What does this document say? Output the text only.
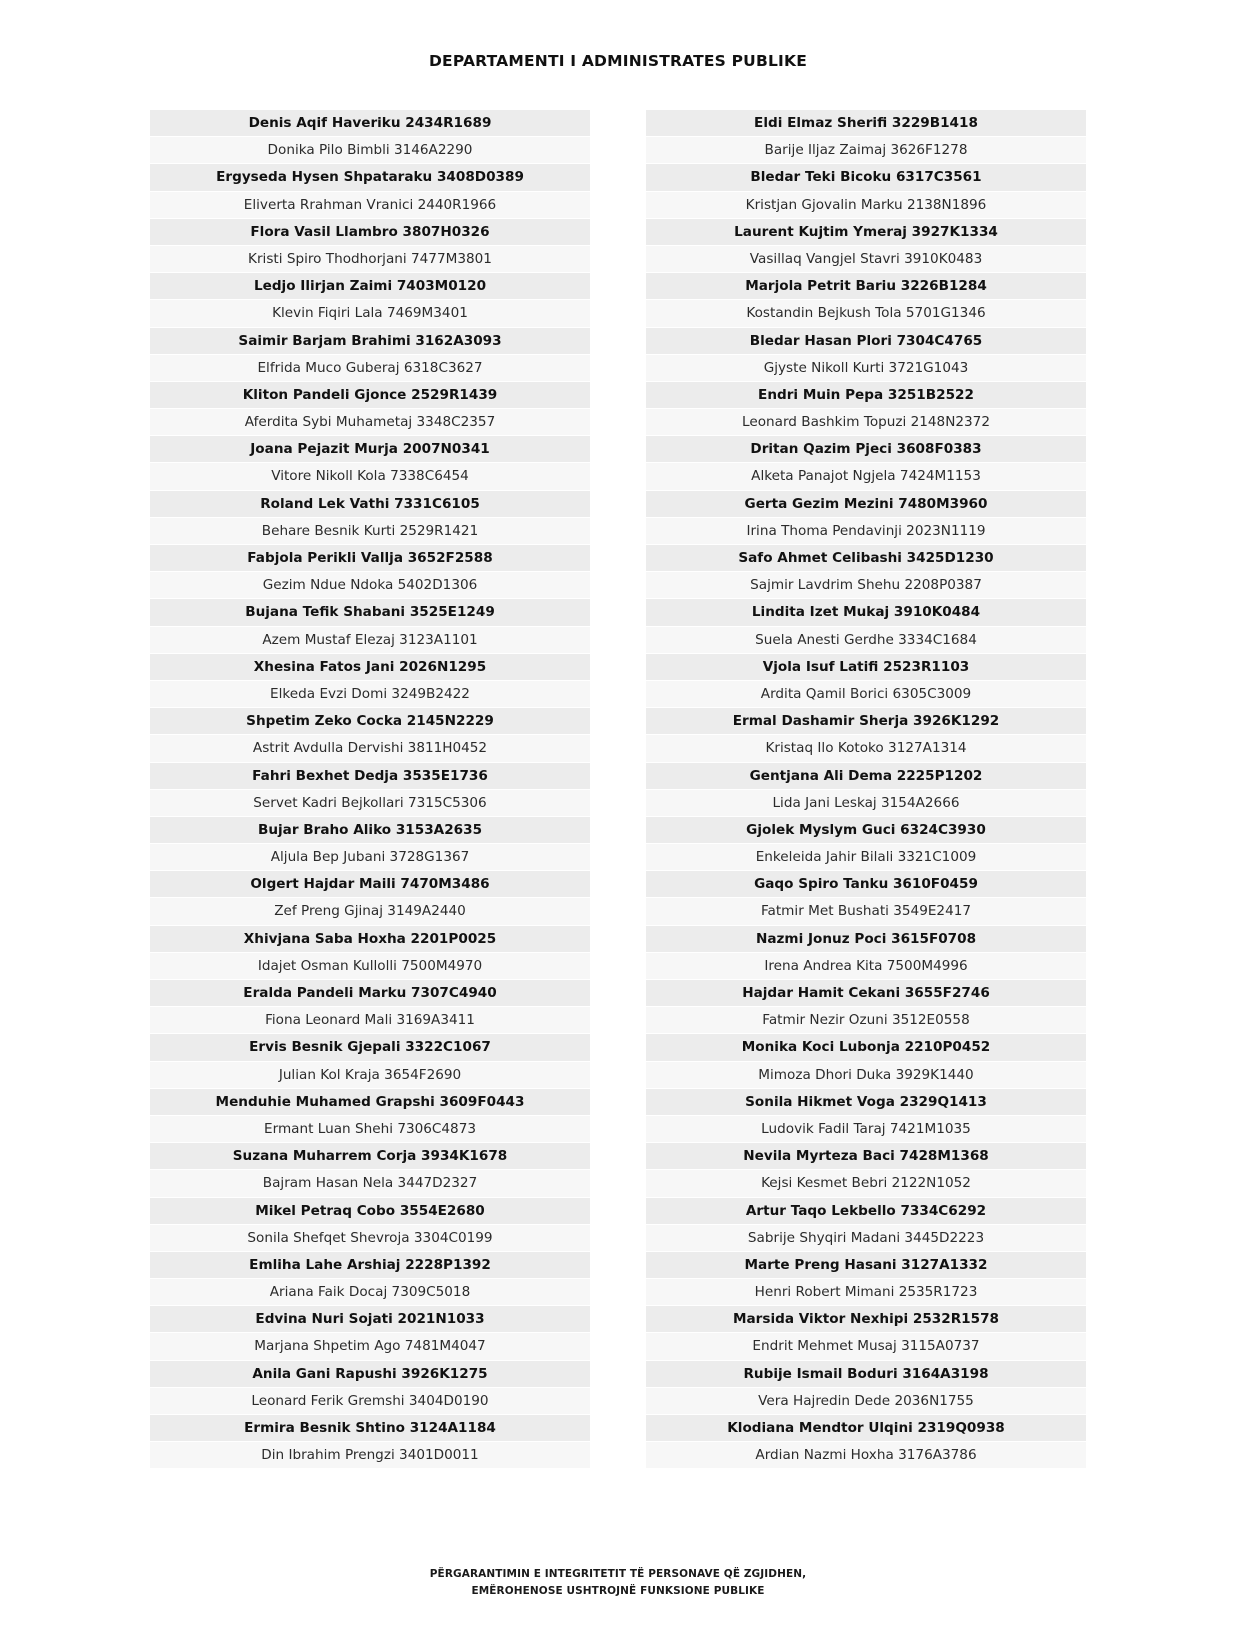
DEPARTAMENTI I ADMINISTRATES PUBLIKE
Denis Aqif Haveriku 2434R1689
Donika Pilo Bimbli 3146A2290
Ergyseda Hysen Shpataraku 3408D0389
Eliverta Rrahman Vranici 2440R1966
Flora Vasil Llambro 3807H0326
Kristi Spiro Thodhorjani 7477M3801
Ledjo Ilirjan Zaimi 7403M0120
Klevin Fiqiri Lala 7469M3401
Saimir Barjam Brahimi 3162A3093
Elfrida Muco Guberaj 6318C3627
Kliton Pandeli Gjonce 2529R1439
Aferdita Sybi Muhametaj 3348C2357
Joana Pejazit Murja 2007N0341
Vitore Nikoll Kola 7338C6454
Roland Lek Vathi 7331C6105
Behare Besnik Kurti 2529R1421
Fabjola Perikli Vallja 3652F2588
Gezim Ndue Ndoka 5402D1306
Bujana Tefik Shabani 3525E1249
Azem Mustaf Elezaj 3123A1101
Xhesina Fatos Jani 2026N1295
Elkeda Evzi Domi 3249B2422
Shpetim Zeko Cocka 2145N2229
Astrit Avdulla Dervishi 3811H0452
Fahri Bexhet Dedja 3535E1736
Servet Kadri Bejkollari 7315C5306
Bujar Braho Aliko 3153A2635
Aljula Bep Jubani 3728G1367
Olgert Hajdar Maili 7470M3486
Zef Preng Gjinaj 3149A2440
Xhivjana Saba Hoxha 2201P0025
Idajet Osman Kullolli 7500M4970
Eralda Pandeli Marku 7307C4940
Fiona Leonard Mali 3169A3411
Ervis Besnik Gjepali 3322C1067
Julian Kol Kraja 3654F2690
Menduhie Muhamed Grapshi 3609F0443
Ermant Luan Shehi 7306C4873
Suzana Muharrem Corja 3934K1678
Bajram Hasan Nela 3447D2327
Mikel Petraq Cobo 3554E2680
Sonila Shefqet Shevroja 3304C0199
Emliha Lahe Arshiaj 2228P1392
Ariana Faik Docaj 7309C5018
Edvina Nuri Sojati 2021N1033
Marjana Shpetim Ago 7481M4047
Anila Gani Rapushi 3926K1275
Leonard Ferik Gremshi 3404D0190
Ermira Besnik Shtino 3124A1184
Din Ibrahim Prengzi 3401D0011
Eldi Elmaz Sherifi 3229B1418
Barije Iljaz Zaimaj 3626F1278
Bledar Teki Bicoku 6317C3561
Kristjan Gjovalin Marku 2138N1896
Laurent Kujtim Ymeraj 3927K1334
Vasillaq Vangjel Stavri 3910K0483
Marjola Petrit Bariu 3226B1284
Kostandin Bejkush Tola 5701G1346
Bledar Hasan Plori 7304C4765
Gjyste Nikoll Kurti 3721G1043
Endri Muin Pepa 3251B2522
Leonard Bashkim Topuzi 2148N2372
Dritan Qazim Pjeci 3608F0383
Alketa Panajot Ngjela 7424M1153
Gerta Gezim Mezini 7480M3960
Irina Thoma Pendavinji 2023N1119
Safo Ahmet Celibashi 3425D1230
Sajmir Lavdrim Shehu 2208P0387
Lindita Izet Mukaj 3910K0484
Suela Anesti Gerdhe 3334C1684
Vjola Isuf Latifi 2523R1103
Ardita Qamil Borici 6305C3009
Ermal Dashamir Sherja 3926K1292
Kristaq Ilo Kotoko 3127A1314
Gentjana Ali Dema 2225P1202
Lida Jani Leskaj 3154A2666
Gjolek Myslym Guci 6324C3930
Enkeleida Jahir Bilali 3321C1009
Gaqo Spiro Tanku 3610F0459
Fatmir Met Bushati 3549E2417
Nazmi Jonuz Poci 3615F0708
Irena Andrea Kita 7500M4996
Hajdar Hamit Cekani 3655F2746
Fatmir Nezir Ozuni 3512E0558
Monika Koci Lubonja 2210P0452
Mimoza Dhori Duka 3929K1440
Sonila Hikmet Voga 2329Q1413
Ludovik Fadil Taraj 7421M1035
Nevila Myrteza Baci 7428M1368
Kejsi Kesmet Bebri 2122N1052
Artur Taqo Lekbello 7334C6292
Sabrije Shyqiri Madani 3445D2223
Marte Preng Hasani 3127A1332
Henri Robert Mimani 2535R1723
Marsida Viktor Nexhipi 2532R1578
Endrit Mehmet Musaj 3115A0737
Rubije Ismail Boduri 3164A3198
Vera Hajredin Dede 2036N1755
Klodiana Mendtor Ulqini 2319Q0938
Ardian Nazmi Hoxha 3176A3786
PËRGARANTIMIN E INTEGRITETIT TË PERSONAVE QË ZGJIDHEN,
EMËROHENOSE USHTROJNË FUNKSIONE PUBLIKE
